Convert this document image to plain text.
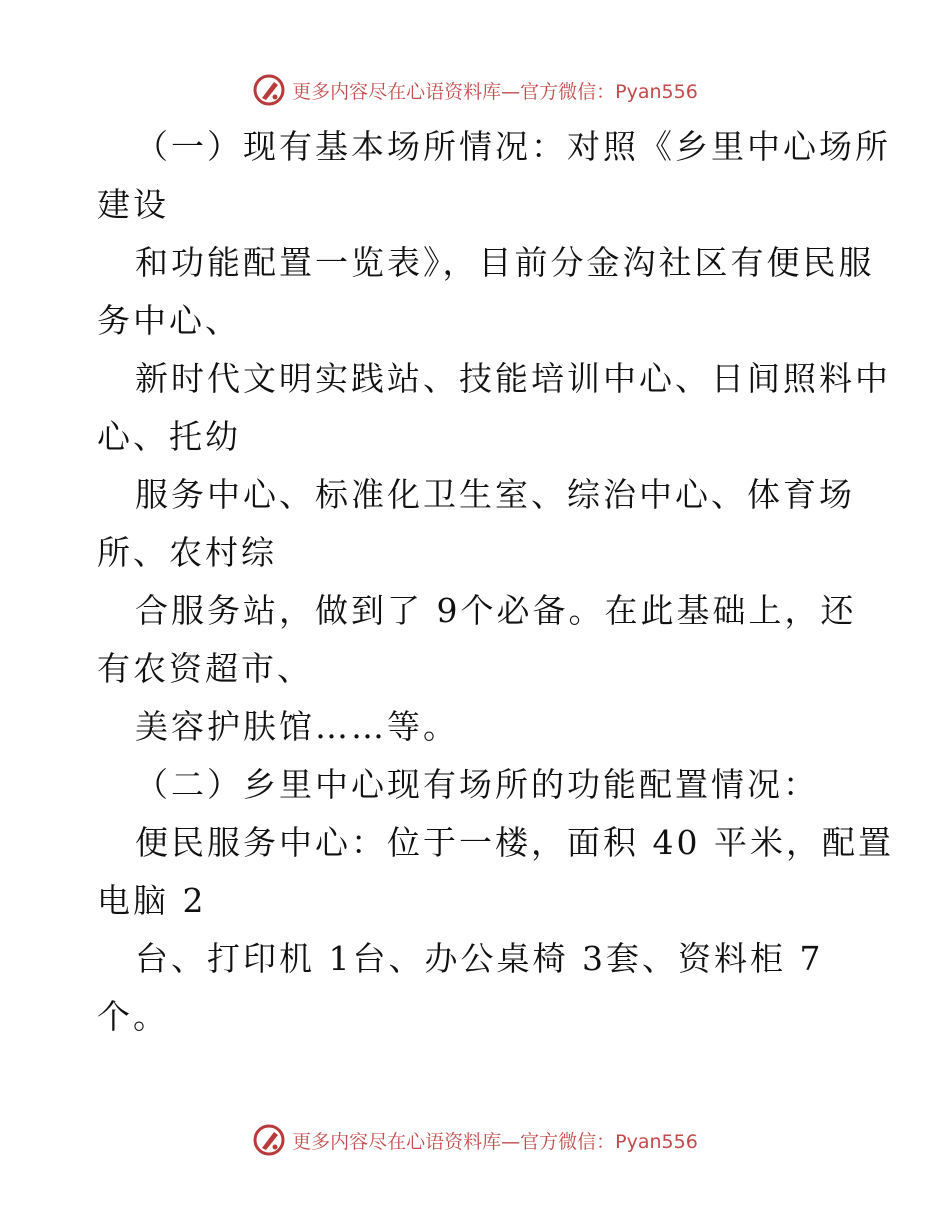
更多内容尽在心语资料库—官方微信：Pyan556
（一）现有基本场所情况：对照《乡里中心场所
建设
和功能配置一览表》，目前分金沟社区有便民服
务中心、
新时代文明实践站、技能培训中心、日间照料中
心、托幼
服务中心、标准化卫生室、综治中心、体育场
所、农村综
合服务站，做到了 9个必备。在此基础上，还
有农资超市、
美容护肤馆……等。
（二）乡里中心现有场所的功能配置情况：
便民服务中心：位于一楼，面积 40 平米，配置
电脑 2
台、打印机 1台、办公桌椅 3套、资料柜 7
个。
更多内容尽在心语资料库—官方微信：Pyan556
